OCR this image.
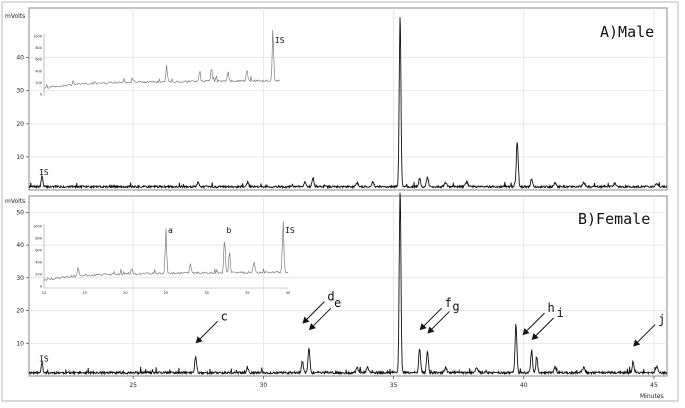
mVolts
A)Male
10
20
30
40
1000
800
600
400
200
0
IS
IS
mVolts
B)Female
10
20
30
40
50
25	30	35	40	45
1000
800
600
400
200
0
10	15	20	25	30	35	40
a	b	IS
IS
c
d e	f g	h i	j
Minutes
